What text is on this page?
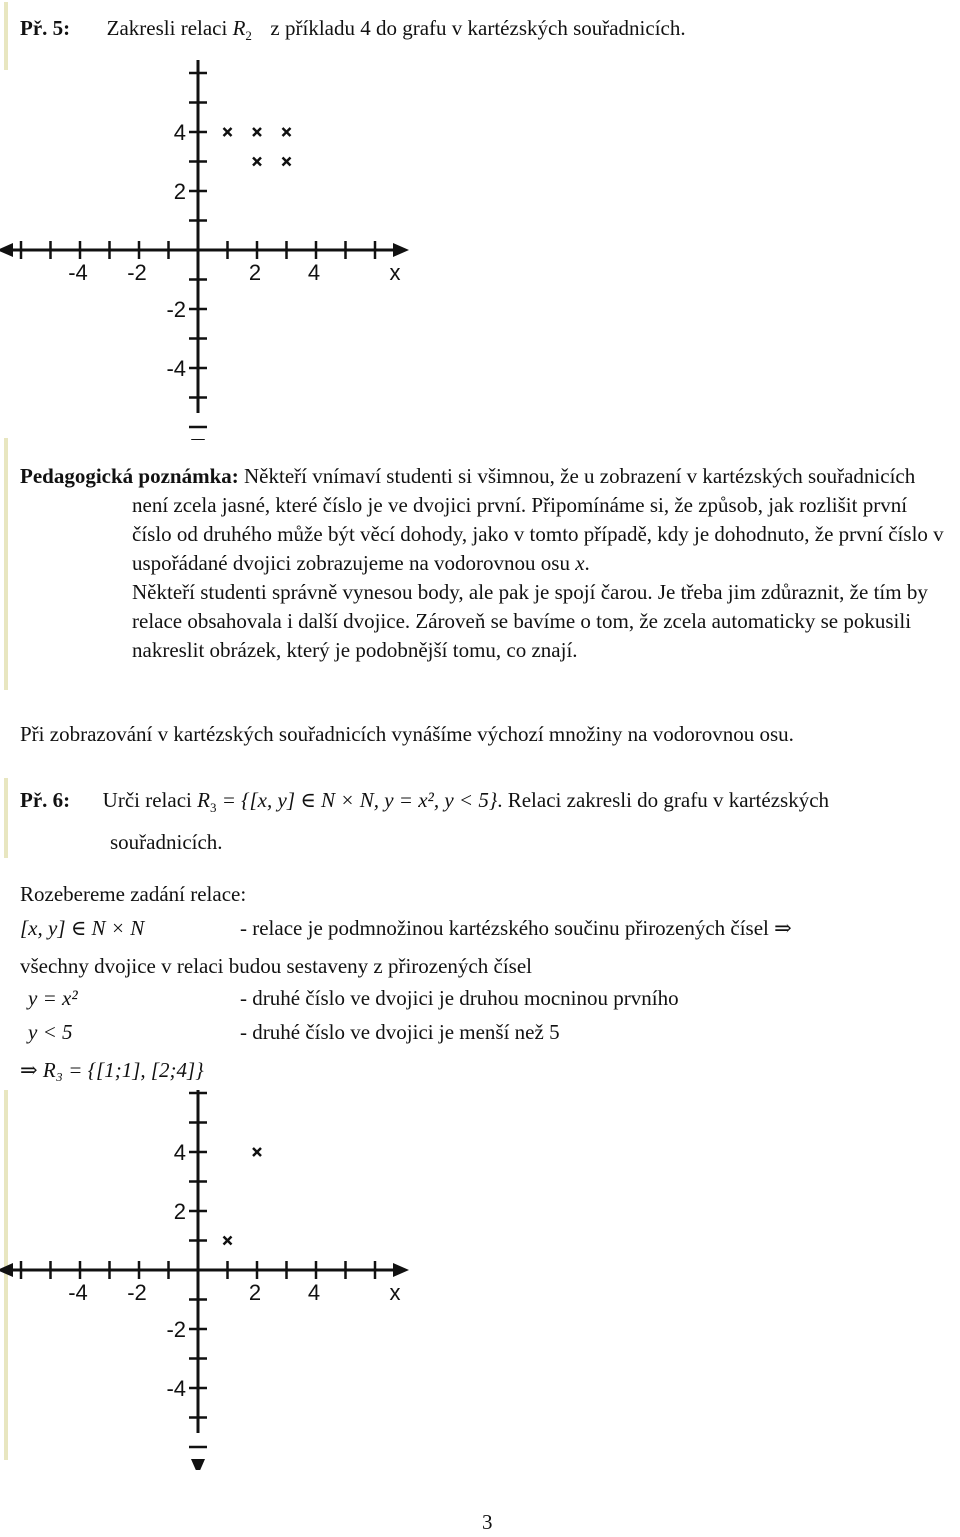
Př. 5: Zakresli relaci $R_2$ z příkladu 4 do grafu v kartézských souřadnicích.
-4 -2	2 4
4
2
-2
-4
x

Pedagogická poznámka: Někteří vnímaví studenti si všimnou, že u zobrazení v kartézských souřadnicích není zcela jasné, které číslo je ve dvojici první. Připomínáme si, že způsob, jak rozlišit první číslo od druhého může být věcí dohody, jako v tomto případě, kdy je dohodnuto, že první číslo v uspořádané dvojici zobrazujeme na vodorovnou osu x.

Někteří studenti správně vynesou body, ale pak je spojí čarou. Je třeba jim zdůraznit, že tím by relace obsahovala i další dvojice. Zároveň se bavíme o tom, že zcela automaticky se pokusili nakreslit obrázek, který je podobnější tomu, co znají.

Při zobrazování v kartézských souřadnicích vynášíme výchozí množiny na vodorovnou osu.
Př. 6: Urči relaci $R_3 = \{[x$, y] ∈ N × N, y = x², y < 5}. Relaci zakresli do grafu v kartézských
souřadnicích.
Rozebereme zadání relace:
[x, y] ∈ N × N	- relace je podmnožinou kartézského součinu přirozených čísel ⇒
všechny dvojice v relaci budou sestaveny z přirozených čísel
y = x²	- druhé číslo ve dvojici je druhou mocninou prvního
y < 5	- druhé číslo ve dvojici je menší než 5
⇒ R₃ = {[1;1], [2;4]}
-4 -2	2 4
4
2
-2
-4
x
3
